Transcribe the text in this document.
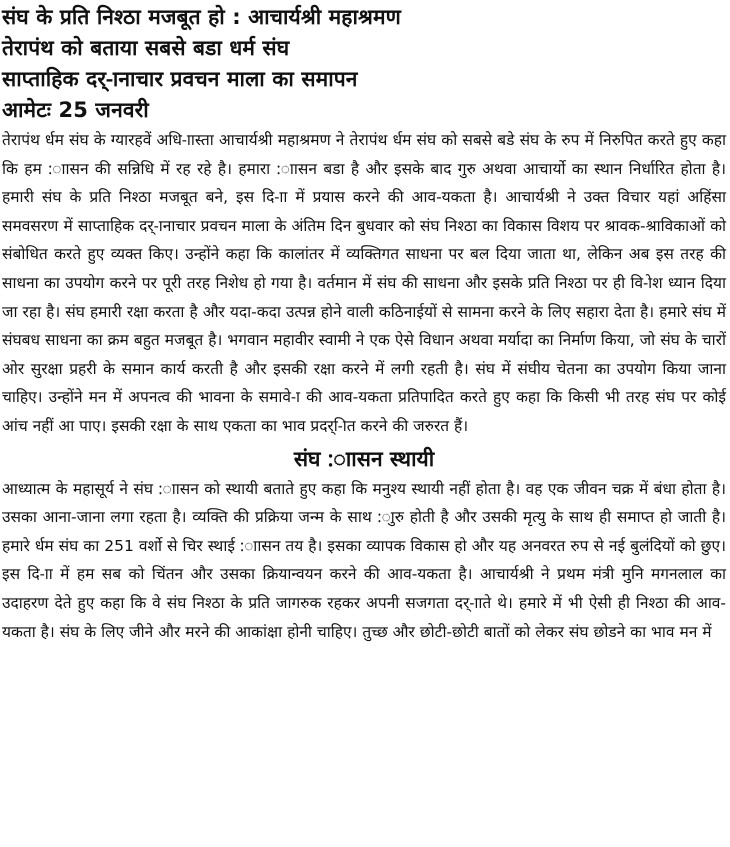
संघ के प्रति निश्ठा मजबूत हो : आचार्यश्री महाश्रमण
तेरापंथ को बताया सबसे बडा धर्म संघ
साप्ताहिक दर्-ानाचार प्रवचन माला का समापन
आमेटः 25 जनवरी

तेरापंथ र्धम संघ के ग्यारहवें अधि-ाास्ता आचार्यश्री महाश्रमण ने तेरापंथ र्धम संघ को सबसे बडे संघ के रुप में निरुपित करते हुए कहा कि हम :ाासन की सन्निधि में रह रहे है। हमारा :ाासन बडा है और इसके बाद गुरु अथवा आचार्यो का स्थान निर्धारित होता है। हमारी संघ के प्रति निश्ठा मजबूत बने, इस दि-ाा में प्रयास करने की आव-यकता है। आचार्यश्री ने उक्त विचार यहां अहिंसा समवसरण में साप्ताहिक दर्-ानाचार प्रवचन माला के अंतिम दिन बुधवार को संघ निश्ठा का विकास विशय पर श्रावक-श्राविकाओं को संबोधित करते हुए व्यक्त किए। उन्होंने कहा कि कालांतर में व्यक्तिगत साधना पर बल दिया जाता था, लेकिन अब इस तरह की साधना का उपयोग करने पर पूरी तरह निशेध हो गया है। वर्तमान में संघ की साधना और इसके प्रति निश्ठा पर ही वि-ोश ध्यान दिया जा रहा है। संघ हमारी रक्षा करता है और यदा-कदा उत्पन्न होने वाली कठिनाईयों से सामना करने के लिए सहारा देता है। हमारे संघ में संघबध साधना का क्रम बहुत मजबूत है। भगवान महावीर स्वामी ने एक ऐसे विधान अथवा मर्यादा का निर्माण किया, जो संघ के चारों ओर सुरक्षा प्रहरी के समान कार्य करती है और इसकी रक्षा करने में लगी रहती है। संघ में संघीय चेतना का उपयोग किया जाना चाहिए। उन्होंने मन में अपनत्व की भावना के समावे-ा की आव-यकता प्रतिपादित करते हुए कहा कि किसी भी तरह संघ पर कोई आंच नहीं आ पाए। इसकी रक्षा के साथ एकता का भाव प्रदर्-ाित करने की जरुरत हैं।

संघ :ाासन स्थायी

आध्यात्म के महासूर्य ने संघ :ाासन को स्थायी बताते हुए कहा कि मनुश्य स्थायी नहीं होता है। वह एक जीवन चक्र में बंधा होता है। उसका आना-जाना लगा रहता है। व्यक्ति की प्रक्रिया जन्म के साथ :ाुरु होती है और उसकी मृत्यु के साथ ही समाप्त हो जाती है। हमारे र्धम संघ का 251 वर्शो से चिर स्थाई :ाासन तय है। इसका व्यापक विकास हो और यह अनवरत रुप से नई बुलंदियों को छुए। इस दि-ाा में हम सब को चिंतन और उसका क्रियान्वयन करने की आव-यकता है। आचार्यश्री ने प्रथम मंत्री मुनि मगनलाल का उदाहरण देते हुए कहा कि वे संघ निश्ठा के प्रति जागरुक रहकर अपनी सजगता दर्-ााते थे। हमारे में भी ऐसी ही निश्ठा की आव-यकता है। संघ के लिए जीने और मरने की आकांक्षा होनी चाहिए। तुच्छ और छोटी-छोटी बातों को लेकर संघ छोडने का भाव मन में
